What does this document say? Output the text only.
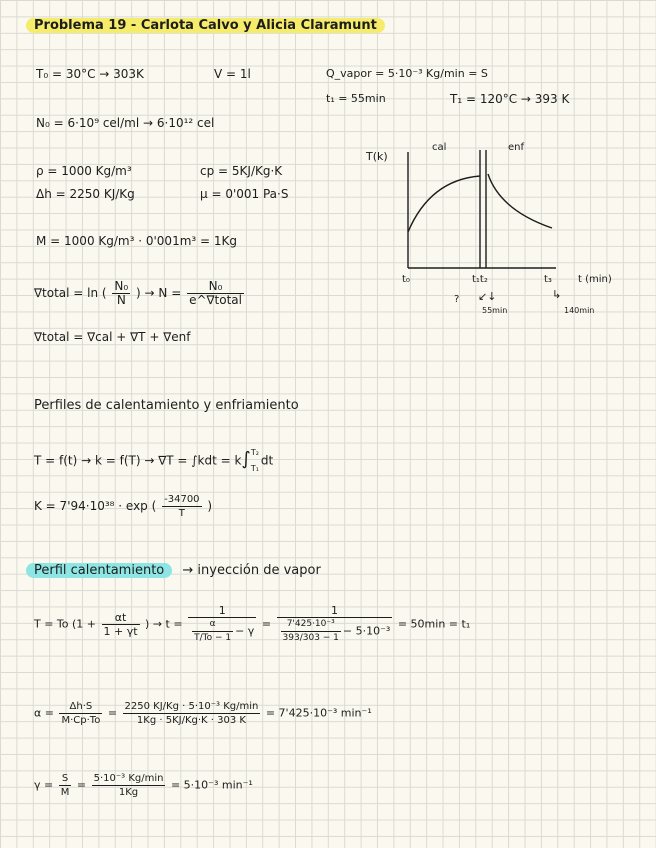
Problema 19 - Carlota Calvo y Alicia Claramunt
T₀ = 30°C → 303K	V = 1l	Q_vapor = 5·10⁻³ Kg/min = S
t₁ = 55min	T₁ = 120°C → 393 K
N₀ = 6·10⁹ cel/ml → 6·10¹² cel
ρ = 1000 Kg/m³	cp = 5KJ/Kg·K
Δh = 2250 KJ/Kg	μ = 0'001 Pa·S
M = 1000 Kg/m³ · 0'001m³ = 1Kg
∇total = ln ( $\frac{\text{N₀}}{N}$ ) → $N = \frac{\text{N₀}}{\text{e\textasciicircum{}∇total}}$
∇total = ∇cal + ∇T + ∇enf
T(k)
cal	enf
t₀	t₁t₂	t₃	t (min)
? ↙↓
55min
↳
140min
Perfiles de calentamiento y enfriamiento
T = f(t) → k = f(T) → ∇T = ∫kdt = k∫ T₂
T₁
dt
K = 7'94·10³⁸ · exp ( $\frac{-34700}{T}$ )
Perfil calentamiento → inyección de vapor
T = To ($1 + \frac{\alpha t}{1 + \gamma t}$ ) → $t = \frac{1}{\frac{\alpha}{T/To - 1} - \gamma} = \frac{1}{\frac{\text{7'425·10⁻³}}{393/303 - 1} - 5\cdot 10^{-3}} = 50\min = t_1$
$\alpha = \frac{\Delta h\cdot S}{M\cdot Cp\cdot To} = \frac{\text{2250 KJ/Kg · 5·10⁻³ Kg/min}}{1Kg \cdot 5KJ/Kg\cdot K \cdot 303 K} = 7'425\cdot 10^{-3}$ min⁻¹
$\gamma = \frac{S}{M} = \frac{\text{5·10⁻³ Kg/min}}{1Kg} = 5\cdot 10^{-3}$ min⁻¹
